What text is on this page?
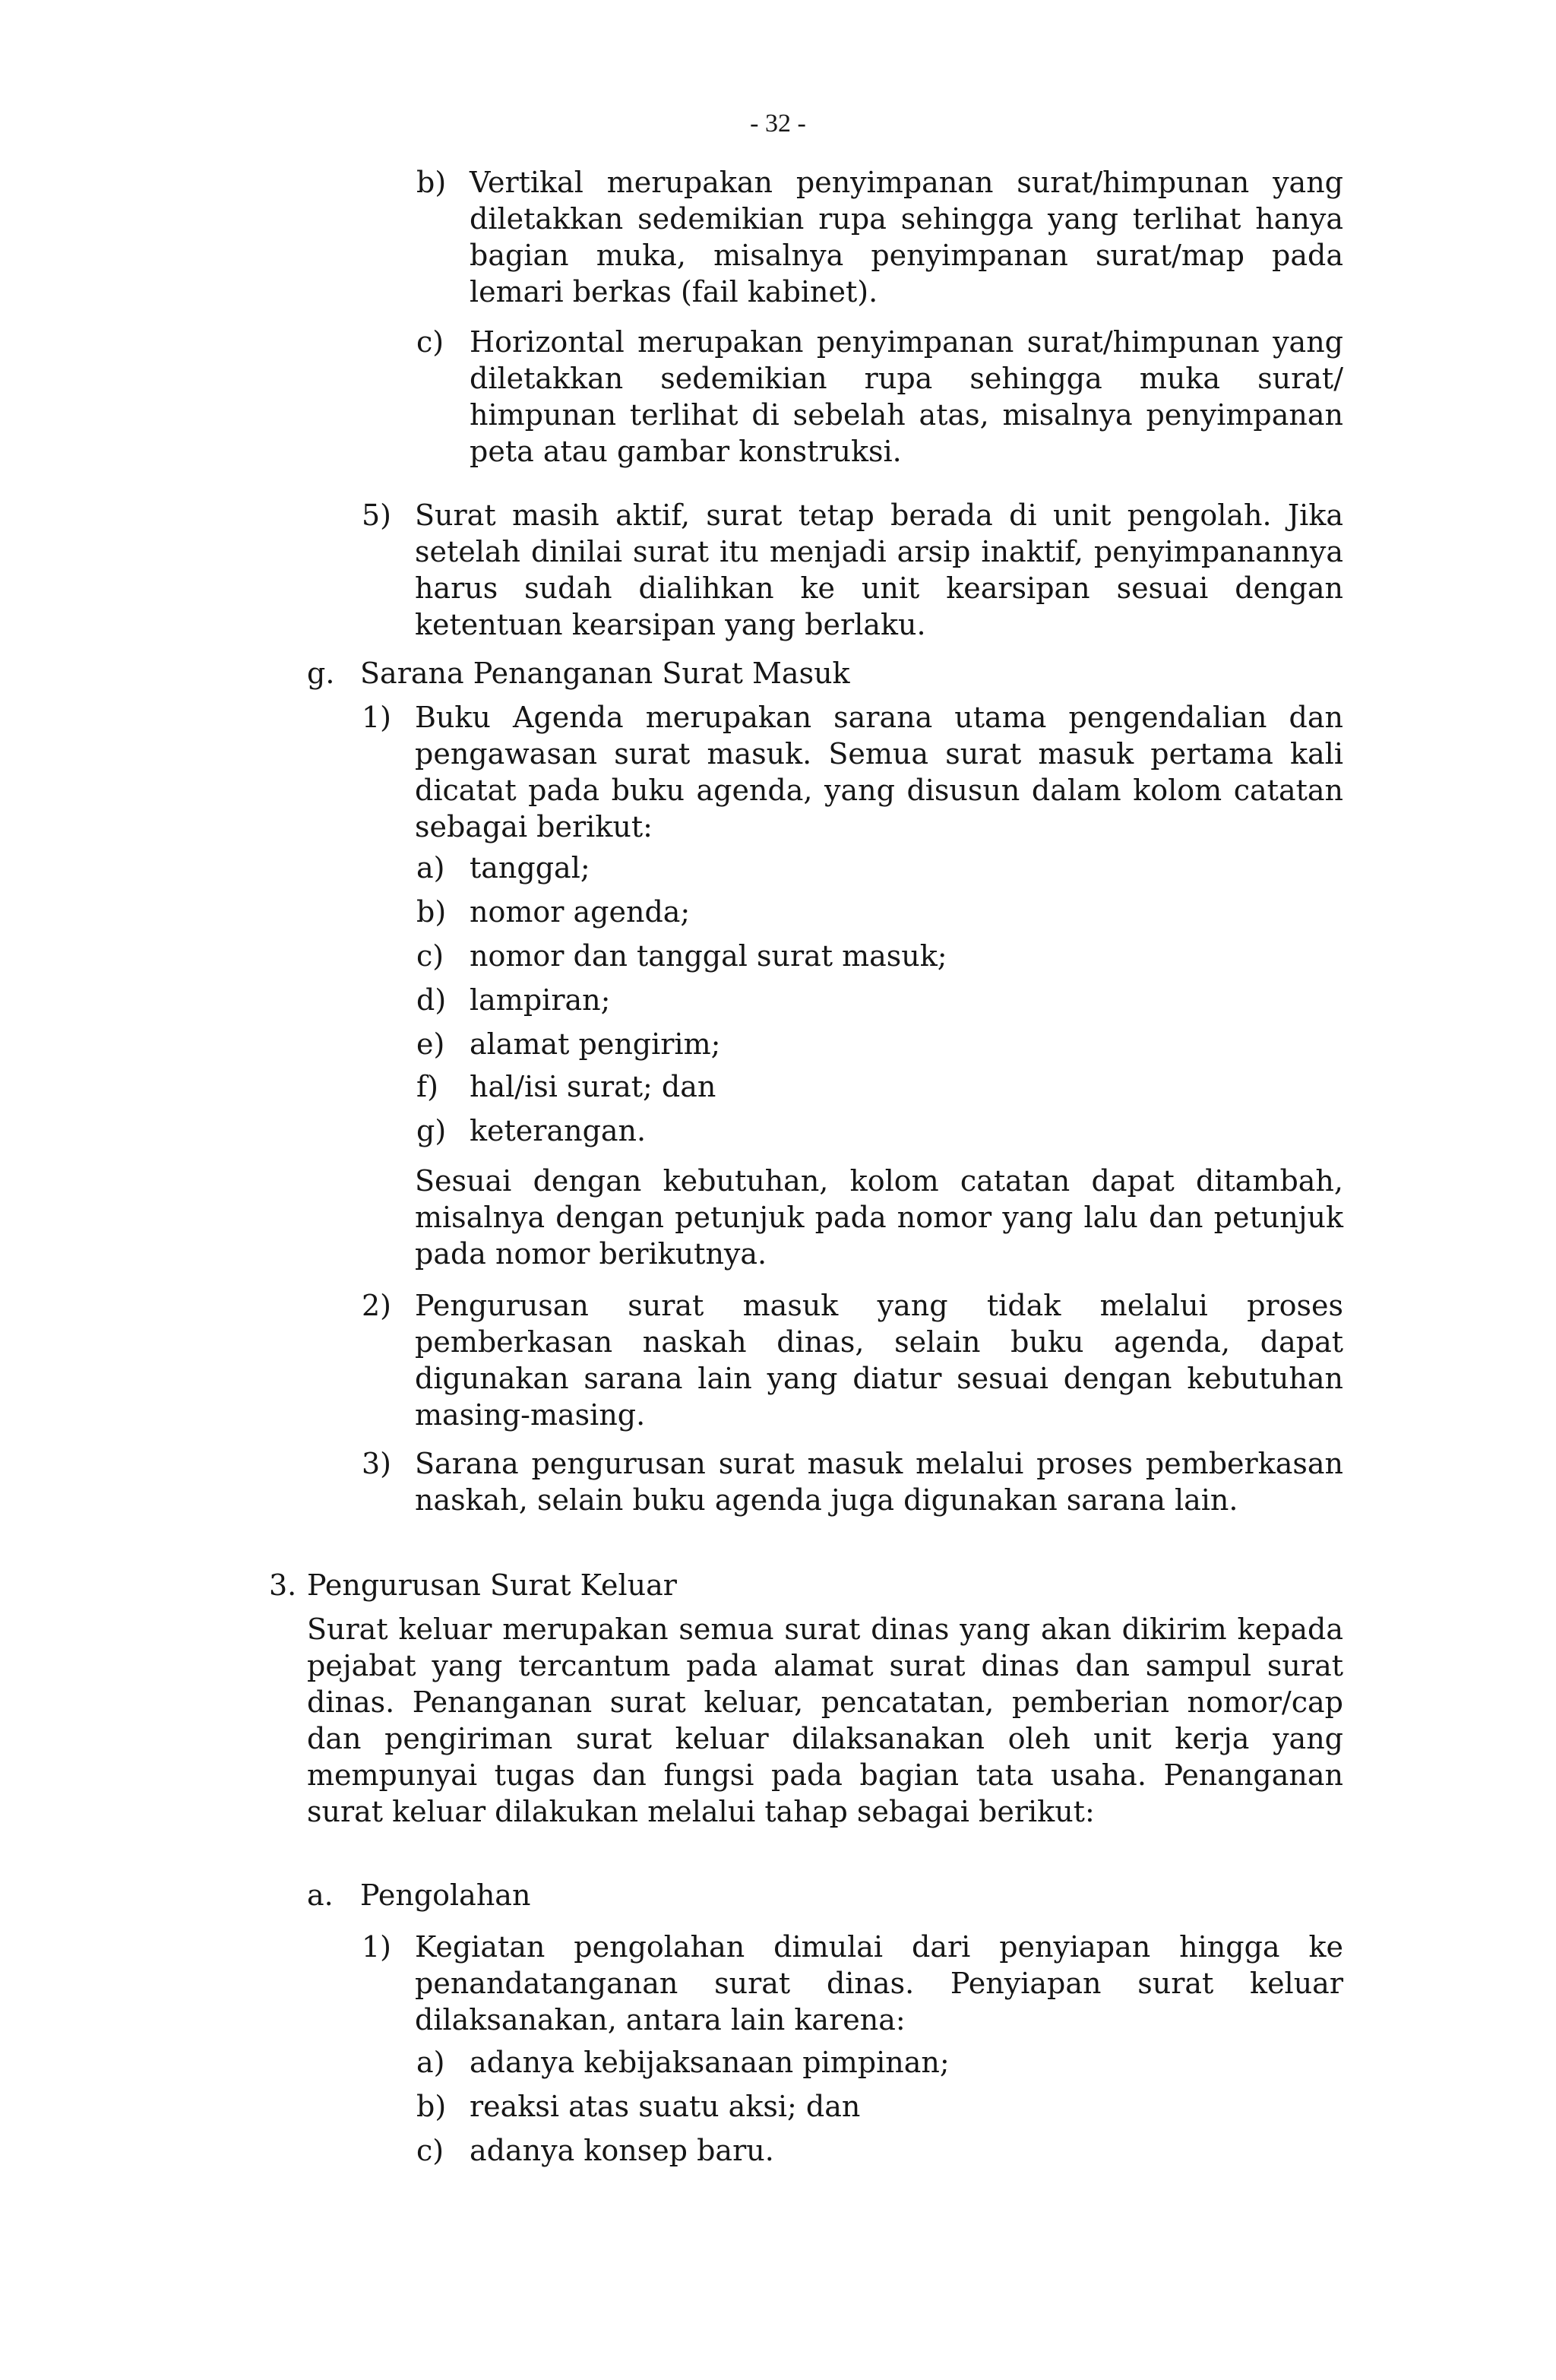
- 32 -
b) Vertikal merupakan penyimpanan surat/himpunan yang diletakkan sedemikian rupa sehingga yang terlihat hanya bagian muka, misalnya penyimpanan surat/map pada lemari berkas (fail kabinet).
c) Horizontal merupakan penyimpanan surat/himpunan yang diletakkan sedemikian rupa sehingga muka surat/ himpunan terlihat di sebelah atas, misalnya penyimpanan peta atau gambar konstruksi.
5) Surat masih aktif, surat tetap berada di unit pengolah. Jika setelah dinilai surat itu menjadi arsip inaktif, penyimpanannya harus sudah dialihkan ke unit kearsipan sesuai dengan ketentuan kearsipan yang berlaku.
g. Sarana Penanganan Surat Masuk
1) Buku Agenda merupakan sarana utama pengendalian dan pengawasan surat masuk. Semua surat masuk pertama kali dicatat pada buku agenda, yang disusun dalam kolom catatan sebagai berikut:
a) tanggal;
b) nomor agenda;
c) nomor dan tanggal surat masuk;
d) lampiran;
e) alamat pengirim;
f) hal/isi surat; dan
g) keterangan.
Sesuai dengan kebutuhan, kolom catatan dapat ditambah, misalnya dengan petunjuk pada nomor yang lalu dan petunjuk pada nomor berikutnya.
2) Pengurusan surat masuk yang tidak melalui proses pemberkasan naskah dinas, selain buku agenda, dapat digunakan sarana lain yang diatur sesuai dengan kebutuhan masing-masing.
3) Sarana pengurusan surat masuk melalui proses pemberkasan naskah, selain buku agenda juga digunakan sarana lain.
3. Pengurusan Surat Keluar
Surat keluar merupakan semua surat dinas yang akan dikirim kepada pejabat yang tercantum pada alamat surat dinas dan sampul surat dinas. Penanganan surat keluar, pencatatan, pemberian nomor/cap dan pengiriman surat keluar dilaksanakan oleh unit kerja yang mempunyai tugas dan fungsi pada bagian tata usaha. Penanganan surat keluar dilakukan melalui tahap sebagai berikut:
a. Pengolahan
1) Kegiatan pengolahan dimulai dari penyiapan hingga ke penandatanganan surat dinas. Penyiapan surat keluar dilaksanakan, antara lain karena:
a) adanya kebijaksanaan pimpinan;
b) reaksi atas suatu aksi; dan
c) adanya konsep baru.
